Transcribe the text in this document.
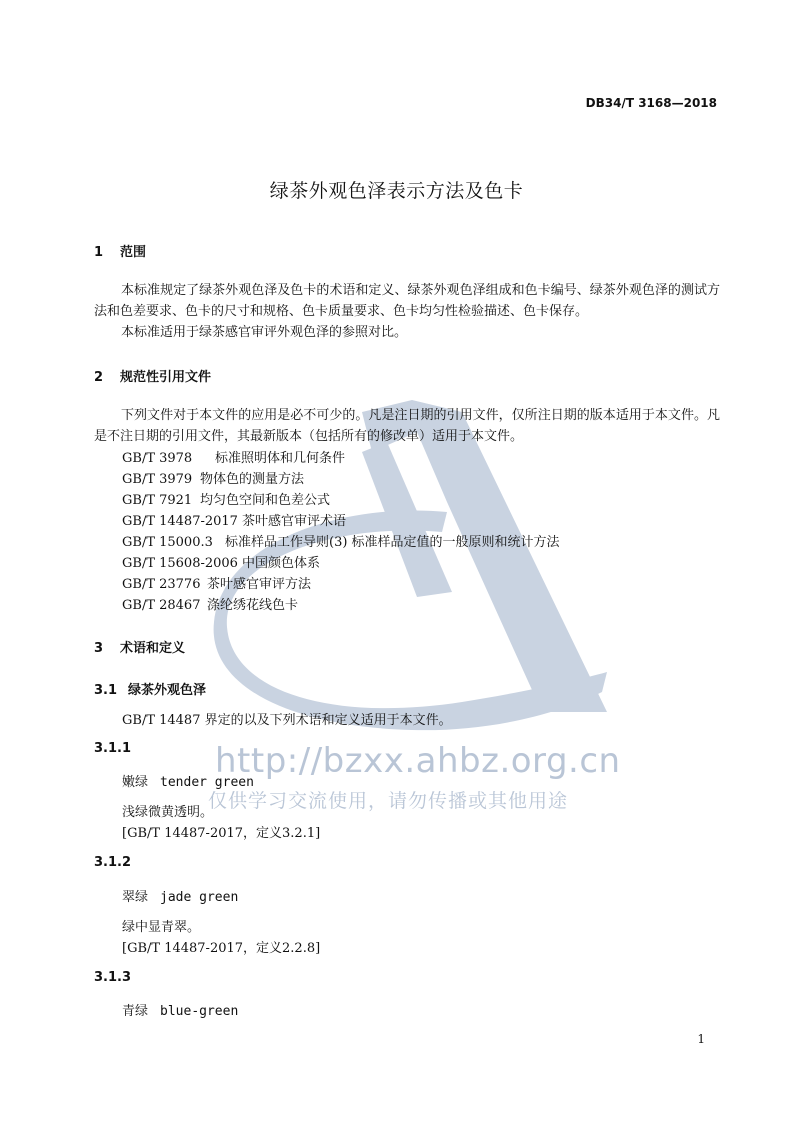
http://bzxx.ahbz.org.cn
仅供学习交流使用，请勿传播或其他用途
DB34/T 3168—2018
绿茶外观色泽表示方法及色卡
1 范围
本标准规定了绿茶外观色泽及色卡的术语和定义、绿茶外观色泽组成和色卡编号、绿茶外观色泽的测试方法和色差要求、色卡的尺寸和规格、色卡质量要求、色卡均匀性检验描述、色卡保存。
本标准适用于绿茶感官审评外观色泽的参照对比。
2 规范性引用文件
下列文件对于本文件的应用是必不可少的。凡是注日期的引用文件，仅所注日期的版本适用于本文件。凡是不注日期的引用文件，其最新版本（包括所有的修改单）适用于本文件。
GB/T 3978 标准照明体和几何条件
GB/T 3979 物体色的测量方法
GB/T 7921 均匀色空间和色差公式
GB/T 14487-2017 茶叶感官审评术语
GB/T 15000.3 标准样品工作导则(3) 标准样品定值的一般原则和统计方法
GB/T 15608-2006 中国颜色体系
GB/T 23776 茶叶感官审评方法
GB/T 28467 涤纶绣花线色卡
3 术语和定义
3.1 绿茶外观色泽
GB/T 14487 界定的以及下列术语和定义适用于本文件。
3.1.1
嫩绿 tender green
浅绿微黄透明。
[GB/T 14487-2017，定义3.2.1]
3.1.2
翠绿 jade green
绿中显青翠。
[GB/T 14487-2017，定义2.2.8]
3.1.3
青绿 blue-green
1
